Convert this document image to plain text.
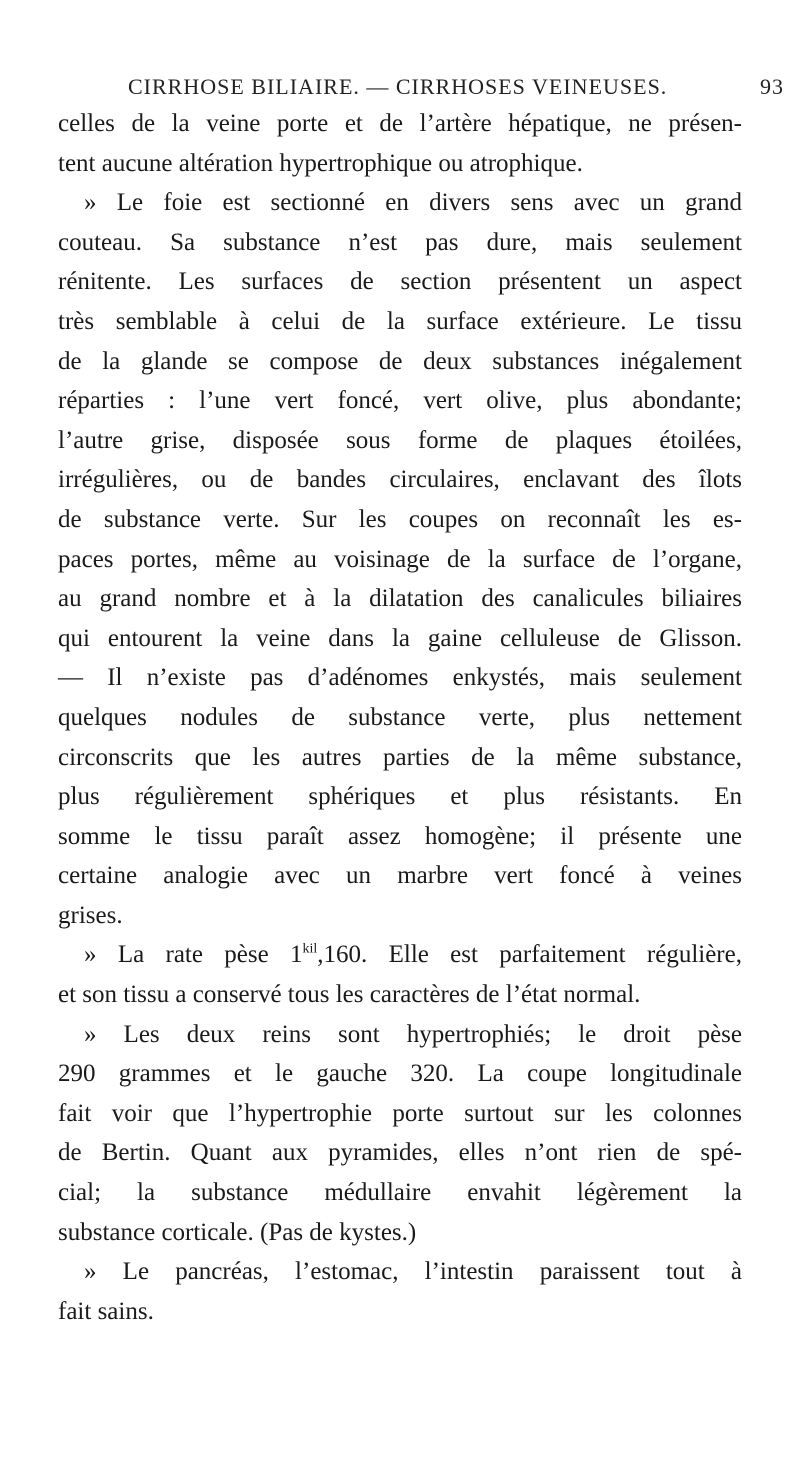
CIRRHOSE BILIAIRE. — CIRRHOSES VEINEUSES.	93
celles de la veine porte et de l’artère hépatique, ne présen-
tent aucune altération hypertrophique ou atrophique.
» Le foie est sectionné en divers sens avec un grand
couteau. Sa substance n’est pas dure, mais seulement
rénitente. Les surfaces de section présentent un aspect
très semblable à celui de la surface extérieure. Le tissu
de la glande se compose de deux substances inégalement
réparties : l’une vert foncé, vert olive, plus abondante;
l’autre grise, disposée sous forme de plaques étoilées,
irrégulières, ou de bandes circulaires, enclavant des îlots
de substance verte. Sur les coupes on reconnaît les es-
paces portes, même au voisinage de la surface de l’organe,
au grand nombre et à la dilatation des canalicules biliaires
qui entourent la veine dans la gaine celluleuse de Glisson.
— Il n’existe pas d’adénomes enkystés, mais seulement
quelques nodules de substance verte, plus nettement
circonscrits que les autres parties de la même substance,
plus régulièrement sphériques et plus résistants. En
somme le tissu paraît assez homogène; il présente une
certaine analogie avec un marbre vert foncé à veines
grises.
» La rate pèse $1^{kil},160$. Elle est parfaitement régulière,
et son tissu a conservé tous les caractères de l’état normal.
» Les deux reins sont hypertrophiés; le droit pèse
290 grammes et le gauche 320. La coupe longitudinale
fait voir que l’hypertrophie porte surtout sur les colonnes
de Bertin. Quant aux pyramides, elles n’ont rien de spé-
cial; la substance médullaire envahit légèrement la
substance corticale. (Pas de kystes.)
» Le pancréas, l’estomac, l’intestin paraissent tout à
fait sains.
